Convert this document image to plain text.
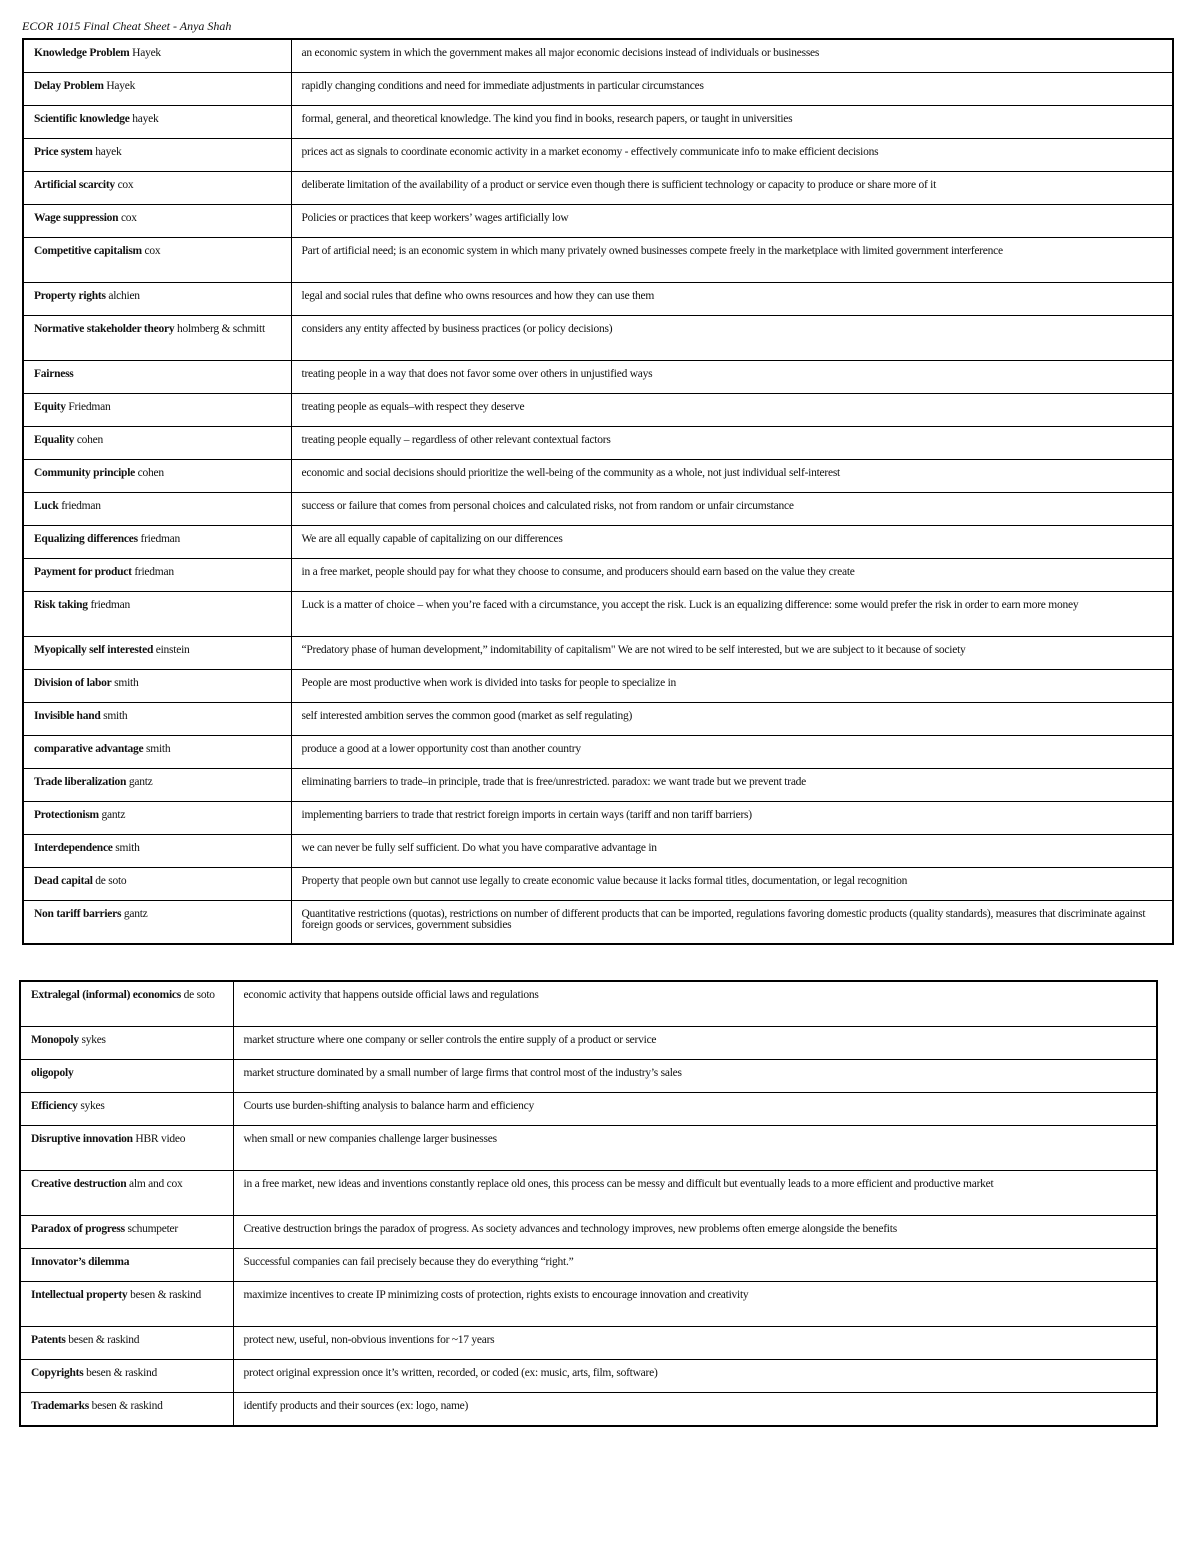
ECOR 1015 Final Cheat Sheet - Anya Shah
Knowledge Problem Hayek	an economic system in which the government makes all major economic decisions instead of individuals or businesses
Delay Problem Hayek	rapidly changing conditions and need for immediate adjustments in particular circumstances
Scientific knowledge hayek	formal, general, and theoretical knowledge. The kind you find in books, research papers, or taught in universities
Price system hayek	prices act as signals to coordinate economic activity in a market economy - effectively communicate info to make efficient decisions
Artificial scarcity cox	deliberate limitation of the availability of a product or service even though there is sufficient technology or capacity to produce or share more of it
Wage suppression cox	Policies or practices that keep workers’ wages artificially low
Competitive capitalism cox	Part of artificial need; is an economic system in which many privately owned businesses compete freely in the marketplace with limited government interference
Property rights alchien	legal and social rules that define who owns resources and how they can use them
Normative stakeholder theory holmberg & schmitt	considers any entity affected by business practices (or policy decisions)
Fairness	treating people in a way that does not favor some over others in unjustified ways
Equity Friedman	treating people as equals–with respect they deserve
Equality cohen	treating people equally – regardless of other relevant contextual factors
Community principle cohen	economic and social decisions should prioritize the well-being of the community as a whole, not just individual self-interest
Luck friedman	success or failure that comes from personal choices and calculated risks, not from random or unfair circumstance
Equalizing differences friedman	We are all equally capable of capitalizing on our differences
Payment for product friedman	in a free market, people should pay for what they choose to consume, and producers should earn based on the value they create
Risk taking friedman	Luck is a matter of choice – when you’re faced with a circumstance, you accept the risk. Luck is an equalizing difference: some would prefer the risk in order to earn more money
Myopically self interested einstein	“Predatory phase of human development,” indomitability of capitalism" We are not wired to be self interested, but we are subject to it because of society
Division of labor smith	People are most productive when work is divided into tasks for people to specialize in
Invisible hand smith	self interested ambition serves the common good (market as self regulating)
comparative advantage smith	produce a good at a lower opportunity cost than another country
Trade liberalization gantz	eliminating barriers to trade–in principle, trade that is free/unrestricted. paradox: we want trade but we prevent trade
Protectionism gantz	implementing barriers to trade that restrict foreign imports in certain ways (tariff and non tariff barriers)
Interdependence smith	we can never be fully self sufficient. Do what you have comparative advantage in
Dead capital de soto	Property that people own but cannot use legally to create economic value because it lacks formal titles, documentation, or legal recognition
Non tariff barriers gantz	Quantitative restrictions (quotas), restrictions on number of different products that can be imported, regulations favoring domestic products (quality standards), measures that discriminate against foreign goods or services, government subsidies
Extralegal (informal) economics de soto	economic activity that happens outside official laws and regulations
Monopoly sykes	market structure where one company or seller controls the entire supply of a product or service
oligopoly	market structure dominated by a small number of large firms that control most of the industry’s sales
Efficiency sykes	Courts use burden-shifting analysis to balance harm and efficiency
Disruptive innovation HBR video	when small or new companies challenge larger businesses
Creative destruction alm and cox	in a free market, new ideas and inventions constantly replace old ones, this process can be messy and difficult but eventually leads to a more efficient and productive market
Paradox of progress schumpeter	Creative destruction brings the paradox of progress. As society advances and technology improves, new problems often emerge alongside the benefits
Innovator’s dilemma	Successful companies can fail precisely because they do everything “right.”
Intellectual property besen & raskind	maximize incentives to create IP minimizing costs of protection, rights exists to encourage innovation and creativity
Patents besen & raskind	protect new, useful, non-obvious inventions for ~17 years
Copyrights besen & raskind	protect original expression once it’s written, recorded, or coded (ex: music, arts, film, software)
Trademarks besen & raskind	identify products and their sources (ex: logo, name)
